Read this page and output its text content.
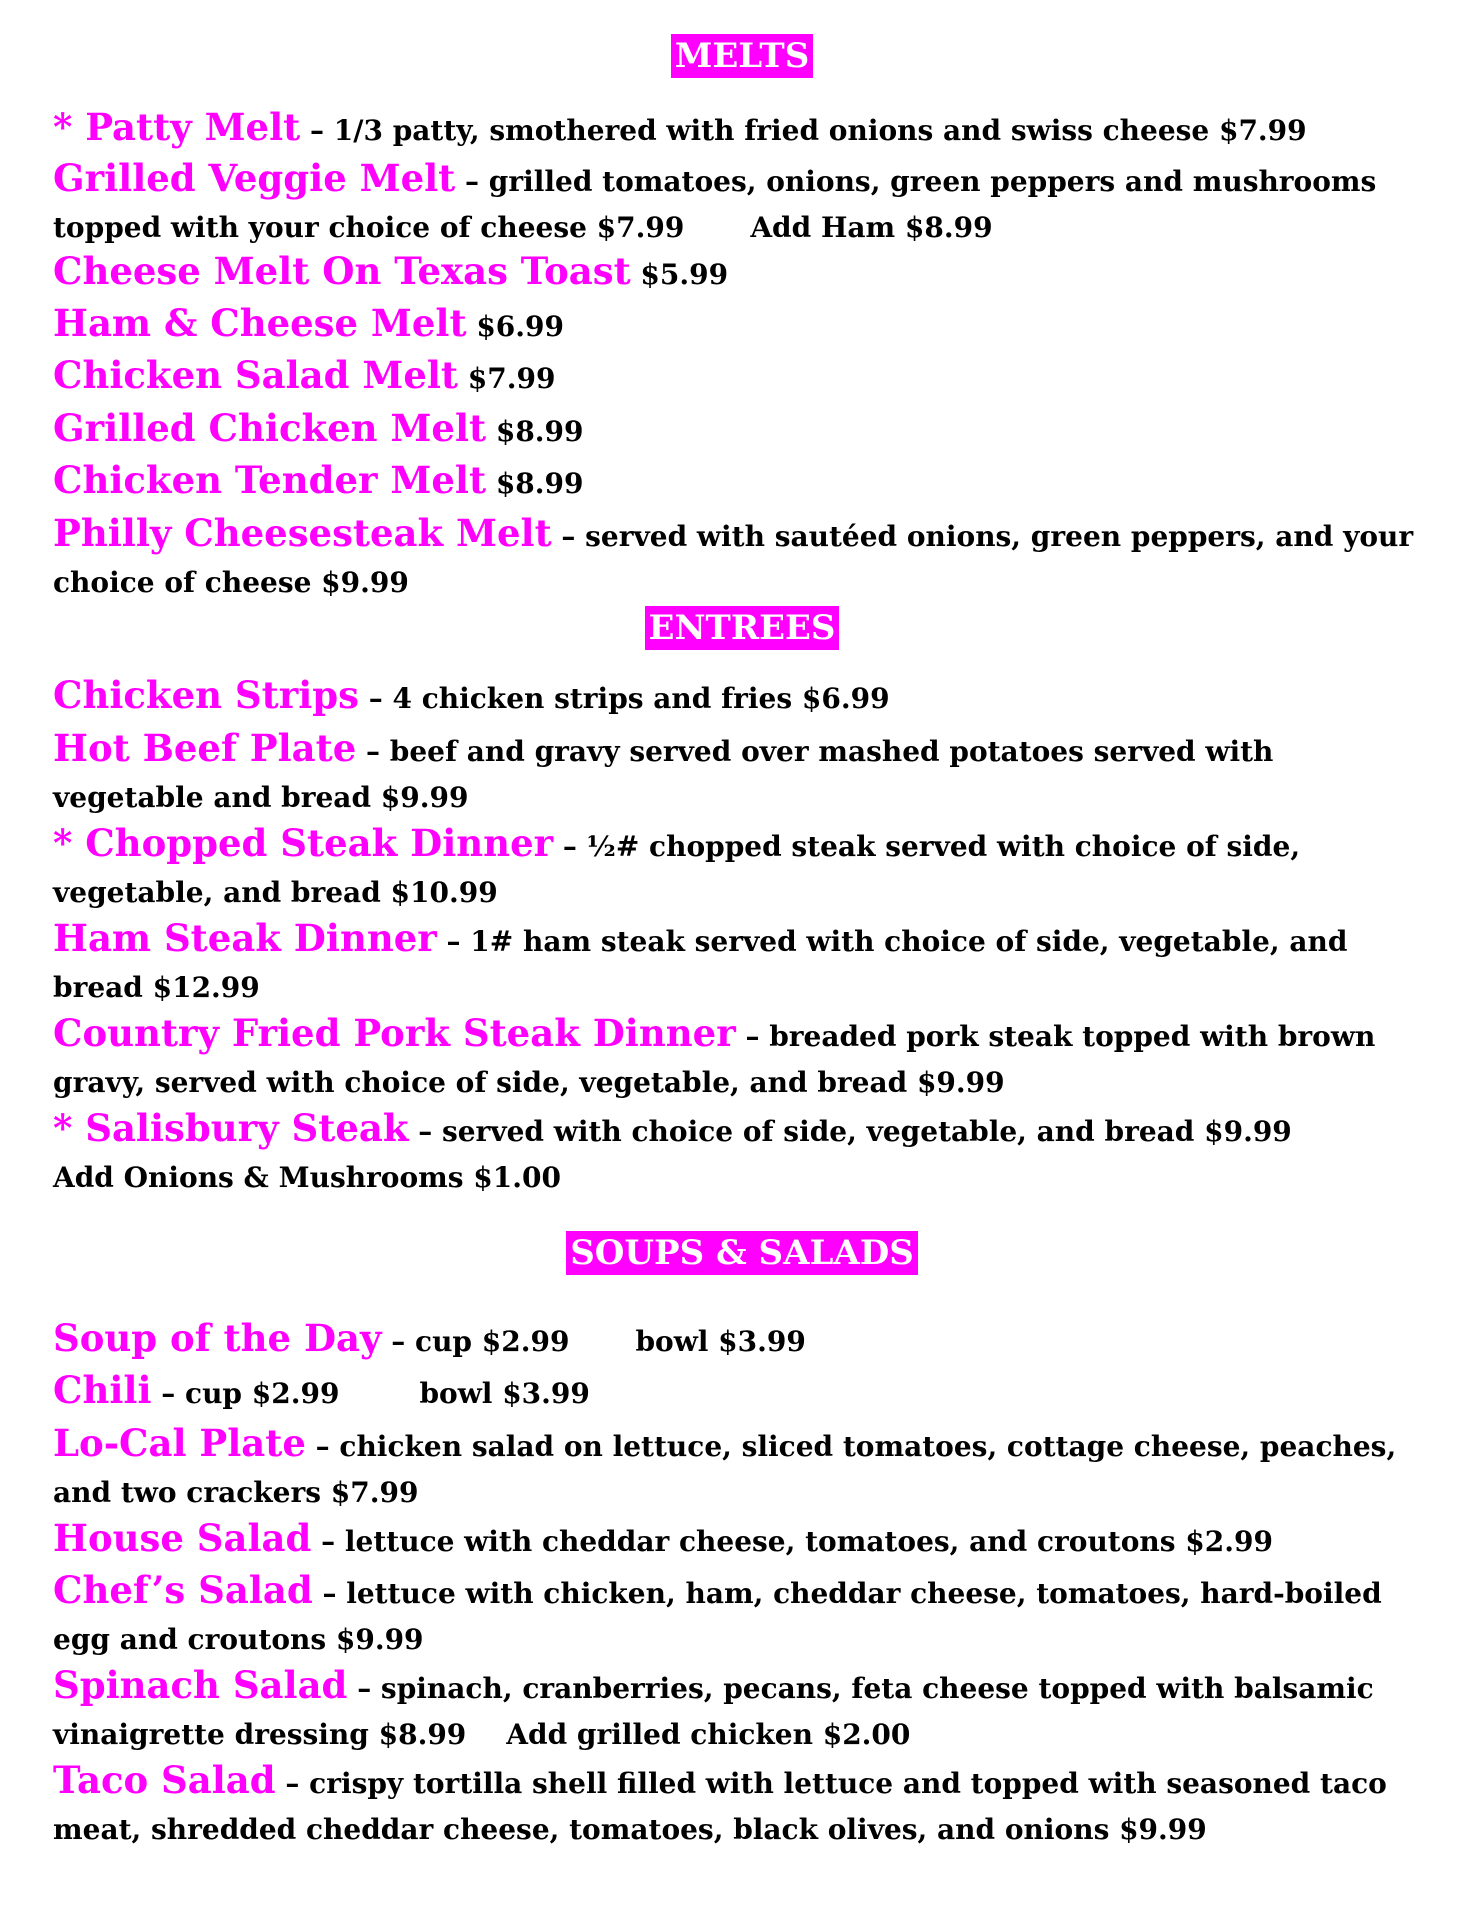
MELTS

* Patty Melt – 1/3 patty, smothered with fried onions and swiss cheese $7.99

Grilled Veggie Melt – grilled tomatoes, onions, green peppers and mushrooms topped with your choice of cheese $7.99 Add Ham $8.99

Cheese Melt On Texas Toast $5.99

Ham & Cheese Melt $6.99

Chicken Salad Melt $7.99

Grilled Chicken Melt $8.99

Chicken Tender Melt $8.99

Philly Cheesesteak Melt – served with sautéed onions, green peppers, and your choice of cheese $9.99

ENTREES

Chicken Strips – 4 chicken strips and fries $6.99

Hot Beef Plate – beef and gravy served over mashed potatoes served with vegetable and bread $9.99

* Chopped Steak Dinner – ½# chopped steak served with choice of side, vegetable, and bread $10.99

Ham Steak Dinner – 1# ham steak served with choice of side, vegetable, and bread $12.99

Country Fried Pork Steak Dinner – breaded pork steak topped with brown gravy, served with choice of side, vegetable, and bread $9.99

* Salisbury Steak – served with choice of side, vegetable, and bread $9.99
Add Onions & Mushrooms $1.00

SOUPS & SALADS

Soup of the Day – cup $2.99 bowl $3.99

Chili – cup $2.99	bowl $3.99

Lo-Cal Plate – chicken salad on lettuce, sliced tomatoes, cottage cheese, peaches, and two crackers $7.99

House Salad – lettuce with cheddar cheese, tomatoes, and croutons $2.99

Chef’s Salad – lettuce with chicken, ham, cheddar cheese, tomatoes, hard-boiled egg and croutons $9.99

Spinach Salad – spinach, cranberries, pecans, feta cheese topped with balsamic vinaigrette dressing $8.99 Add grilled chicken $2.00

Taco Salad – crispy tortilla shell filled with lettuce and topped with seasoned taco meat, shredded cheddar cheese, tomatoes, black olives, and onions $9.99
